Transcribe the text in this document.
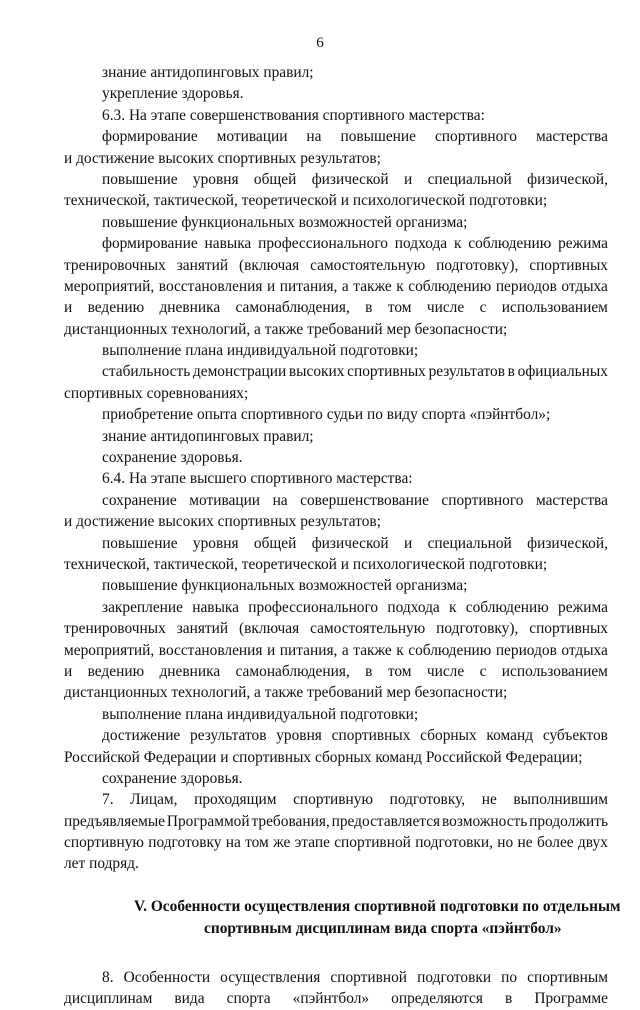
6
знание антидопинговых правил;
укрепление здоровья.
6.3. На этапе совершенствования спортивного мастерства:
формирование мотивации на повышение спортивного мастерства
и достижение высоких спортивных результатов;
повышение уровня общей физической и специальной физической,
технической, тактической, теоретической и психологической подготовки;
повышение функциональных возможностей организма;
формирование навыка профессионального подхода к соблюдению режима
тренировочных занятий (включая самостоятельную подготовку), спортивных
мероприятий, восстановления и питания, а также к соблюдению периодов отдыха
и ведению дневника самонаблюдения, в том числе с использованием
дистанционных технологий, а также требований мер безопасности;
выполнение плана индивидуальной подготовки;
стабильность демонстрации высоких спортивных результатов в официальных
спортивных соревнованиях;
приобретение опыта спортивного судьи по виду спорта «пэйнтбол»;
знание антидопинговых правил;
сохранение здоровья.
6.4. На этапе высшего спортивного мастерства:
сохранение мотивации на совершенствование спортивного мастерства
и достижение высоких спортивных результатов;
повышение уровня общей физической и специальной физической,
технической, тактической, теоретической и психологической подготовки;
повышение функциональных возможностей организма;
закрепление навыка профессионального подхода к соблюдению режима
тренировочных занятий (включая самостоятельную подготовку), спортивных
мероприятий, восстановления и питания, а также к соблюдению периодов отдыха
и ведению дневника самонаблюдения, в том числе с использованием
дистанционных технологий, а также требований мер безопасности;
выполнение плана индивидуальной подготовки;
достижение результатов уровня спортивных сборных команд субъектов
Российской Федерации и спортивных сборных команд Российской Федерации;
сохранение здоровья.
7. Лицам, проходящим спортивную подготовку, не выполнившим
предъявляемые Программой требования, предоставляется возможность продолжить
спортивную подготовку на том же этапе спортивной подготовки, но не более двух
лет подряд.
V. Особенности осуществления спортивной подготовки по отдельным
спортивным дисциплинам вида спорта «пэйнтбол»
8. Особенности осуществления спортивной подготовки по спортивным
дисциплинам вида спорта «пэйнтбол» определяются в Программе
